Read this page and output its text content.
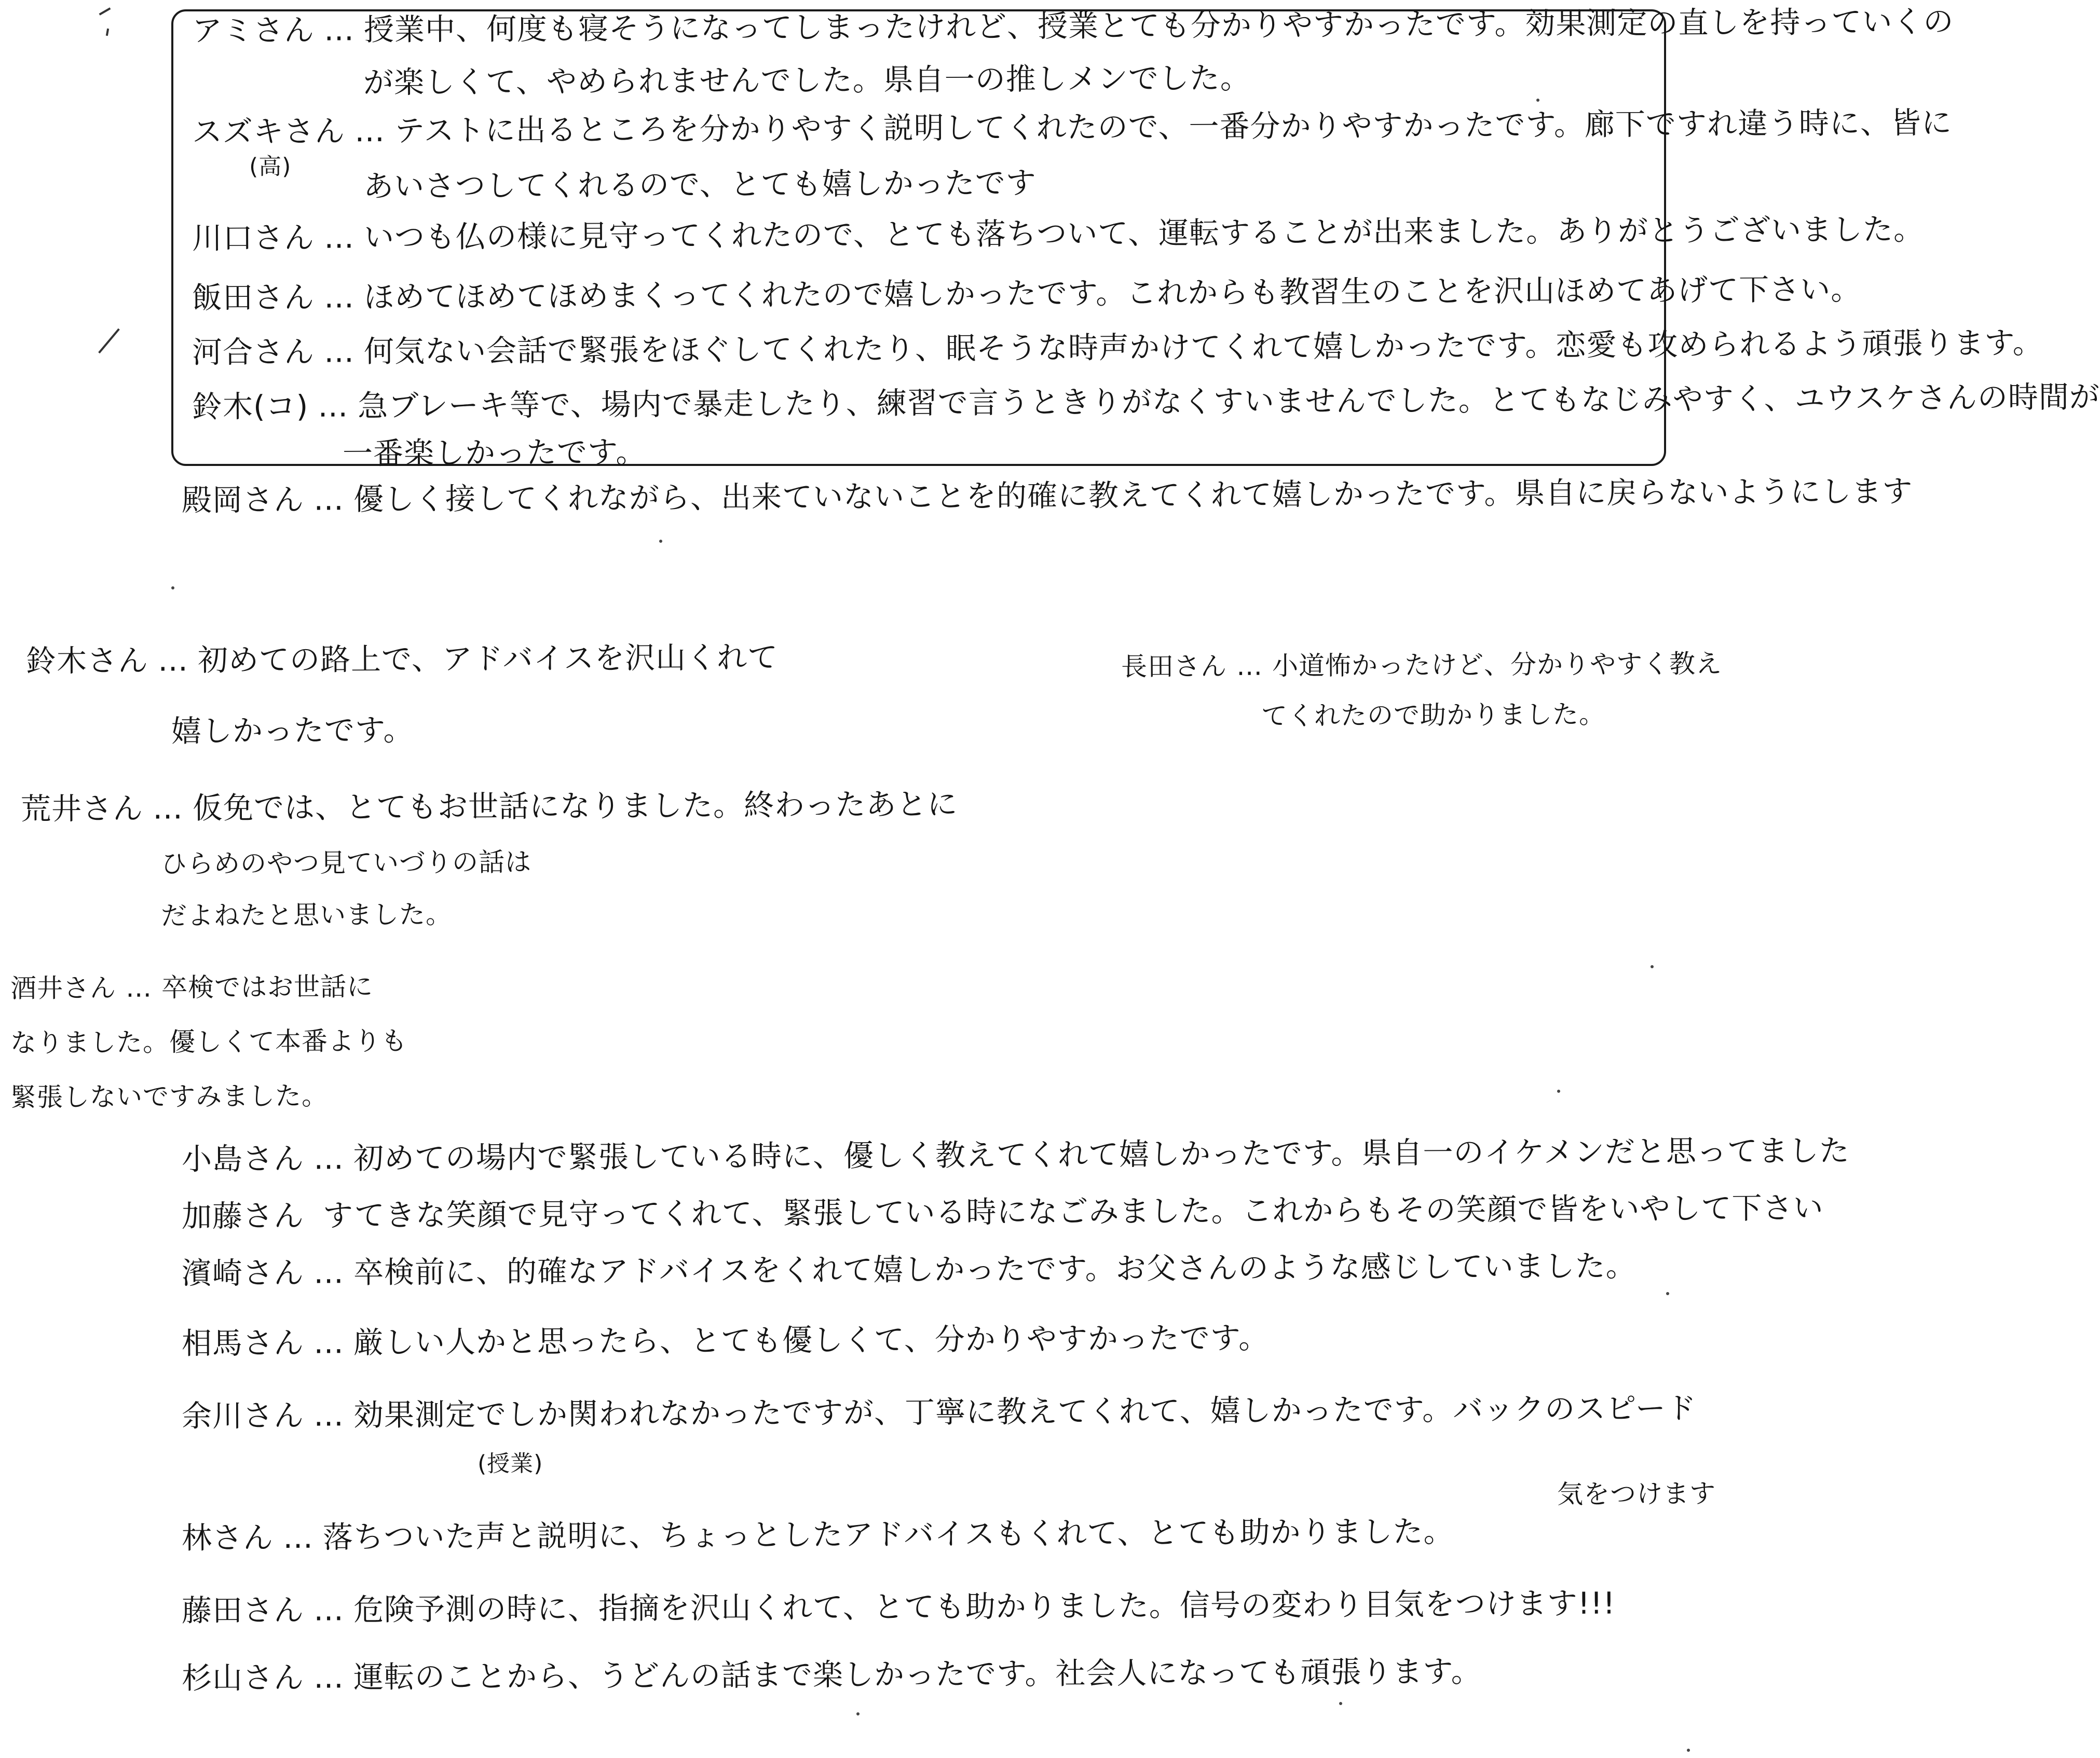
アミさん … 授業中、何度も寝そうになってしまったけれど、授業とても分かりやすかったです。効果測定の直しを持っていくの
が楽しくて、やめられませんでした。県自一の推しメンでした。
スズキさん … テストに出るところを分かりやすく説明してくれたので、一番分かりやすかったです。廊下ですれ違う時に、皆に
(高) あいさつしてくれるので、とても嬉しかったです
川口さん … いつも仏の様に見守ってくれたので、とても落ちついて、運転することが出来ました。ありがとうございました。
飯田さん … ほめてほめてほめまくってくれたので嬉しかったです。これからも教習生のことを沢山ほめてあげて下さい。
河合さん … 何気ない会話で緊張をほぐしてくれたり、眠そうな時声かけてくれて嬉しかったです。恋愛も攻められるよう頑張ります。
鈴木(コ) … 急ブレーキ等で、場内で暴走したり、練習で言うときりがなくすいませんでした。とてもなじみやすく、ユウスケさんの時間が
一番楽しかったです。
殿岡さん … 優しく接してくれながら、出来ていないことを的確に教えてくれて嬉しかったです。県自に戻らないようにします
鈴木さん … 初めての路上で、アドバイスを沢山くれて
嬉しかったです。
長田さん … 小道怖かったけど、分かりやすく教え
てくれたので助かりました。
荒井さん … 仮免では、とてもお世話になりました。終わったあとに
ひらめのやつ見ていづりの話は
だよねたと思いました。
酒井さん … 卒検ではお世話に
なりました。優しくて本番よりも
緊張しないですみました。
小島さん … 初めての場内で緊張している時に、優しく教えてくれて嬉しかったです。県自一のイケメンだと思ってました
加藤さん すてきな笑顔で見守ってくれて、緊張している時になごみました。これからもその笑顔で皆をいやして下さい
濱崎さん … 卒検前に、的確なアドバイスをくれて嬉しかったです。お父さんのような感じしていました。
相馬さん … 厳しい人かと思ったら、とても優しくて、分かりやすかったです。
余川さん … 効果測定でしか関われなかったですが、丁寧に教えてくれて、嬉しかったです。バックのスピード
(授業)
気をつけます
林さん … 落ちついた声と説明に、ちょっとしたアドバイスもくれて、とても助かりました。
藤田さん … 危険予測の時に、指摘を沢山くれて、とても助かりました。信号の変わり目気をつけます!!!
杉山さん … 運転のことから、うどんの話まで楽しかったです。社会人になっても頑張ります。
